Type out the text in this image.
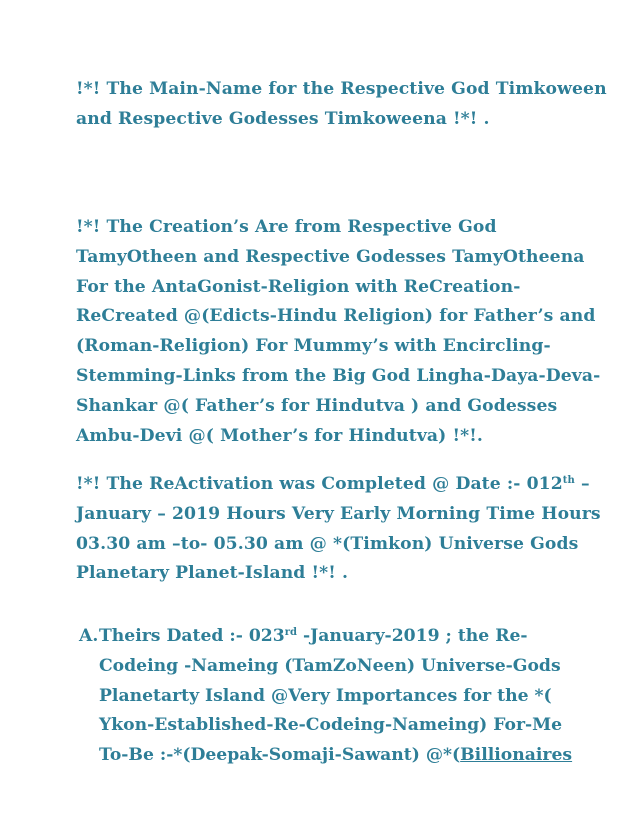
!*! The Main-Name for the Respective God Timkoween
and Respective Godesses Timkoweena !*! .

!*! The Creation’s Are from Respective God
TamyOtheen and Respective Godesses TamyOtheena
For the AntaGonist-Religion with ReCreation-
ReCreated @(Edicts-Hindu Religion) for Father’s and
(Roman-Religion) For Mummy’s with Encircling-
Stemming-Links from the Big God Lingha-Daya-Deva-
Shankar @( Father’s for Hindutva ) and Godesses
Ambu-Devi @( Mother’s for Hindutva) !*!.

!*! The ReActivation was Completed @ Date :- 012th –
January – 2019 Hours Very Early Morning Time Hours
03.30 am –to- 05.30 am @ *(Timkon) Universe Gods
Planetary Planet-Island !*! .

A. Theirs Dated :- 023rd -January-2019 ; the Re-
Codeing -Nameing (TamZoNeen) Universe-Gods
Planetarty Island @Very Importances for the *(
Ykon-Established-Re-Codeing-Nameing) For-Me
To-Be :-*(Deepak-Somaji-Sawant) @*(Billionaires
